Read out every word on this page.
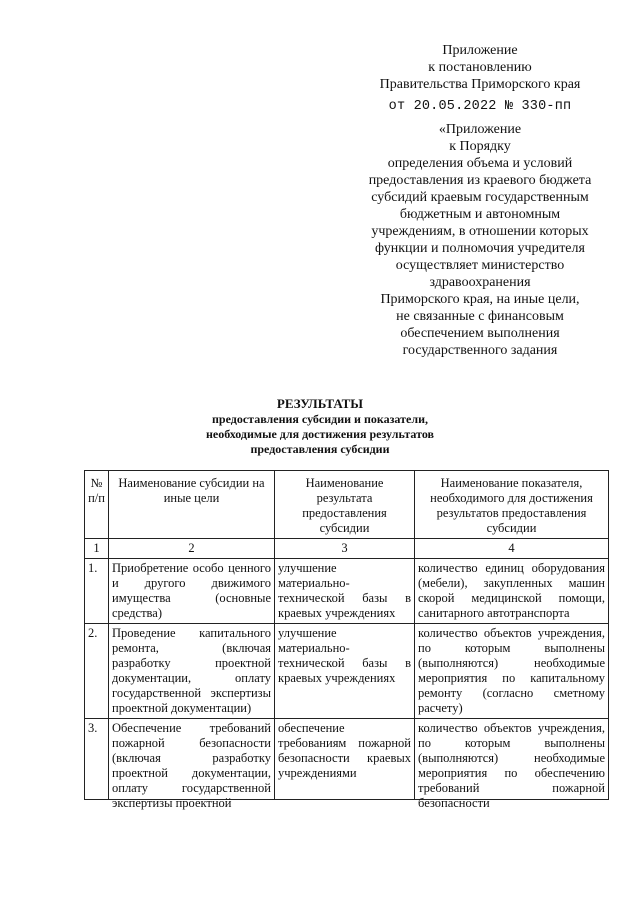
Приложение
к постановлению
Правительства Приморского края
от 20.05.2022 № 330-пп
«Приложение
к Порядку
определения объема и условий
предоставления из краевого бюджета
субсидий краевым государственным
бюджетным и автономным
учреждениям, в отношении которых
функции и полномочия учредителя
осуществляет министерство
здравоохранения
Приморского края, на иные цели,
не связанные с финансовым
обеспечением выполнения
государственного задания
РЕЗУЛЬТАТЫ
предоставления субсидии и показатели,
необходимые для достижения результатов
предоставления субсидии
№ п/п	Наименование субсидии на иные цели	Наименование результата предоставления субсидии	Наименование показателя, необходимого для достижения результатов предоставления субсидии
1	2	3	4
1.	Приобретение особо ценного и другого движимого имущества (основные средства)	улучшение материально-технической базы в краевых учреждениях	количество единиц оборудования (мебели), закупленных машин скорой медицинской помощи, санитарного автотранспорта
2.	Проведение капитального ремонта, (включая разработку проектной документации, оплату государственной экспертизы проектной документации)	улучшение материально-технической базы в краевых учреждениях	количество объектов учреждения, по которым выполнены (выполняются) необходимые мероприятия по капитальному ремонту (согласно сметному расчету)
3.	Обеспечение требований пожарной безопасности (включая разработку проектной документации, оплату государственной экспертизы проектной	обеспечение требованиям пожарной безопасности краевых учреждениями	количество объектов учреждения, по которым выполнены (выполняются) необходимые мероприятия по обеспечению требований пожарной безопасности
